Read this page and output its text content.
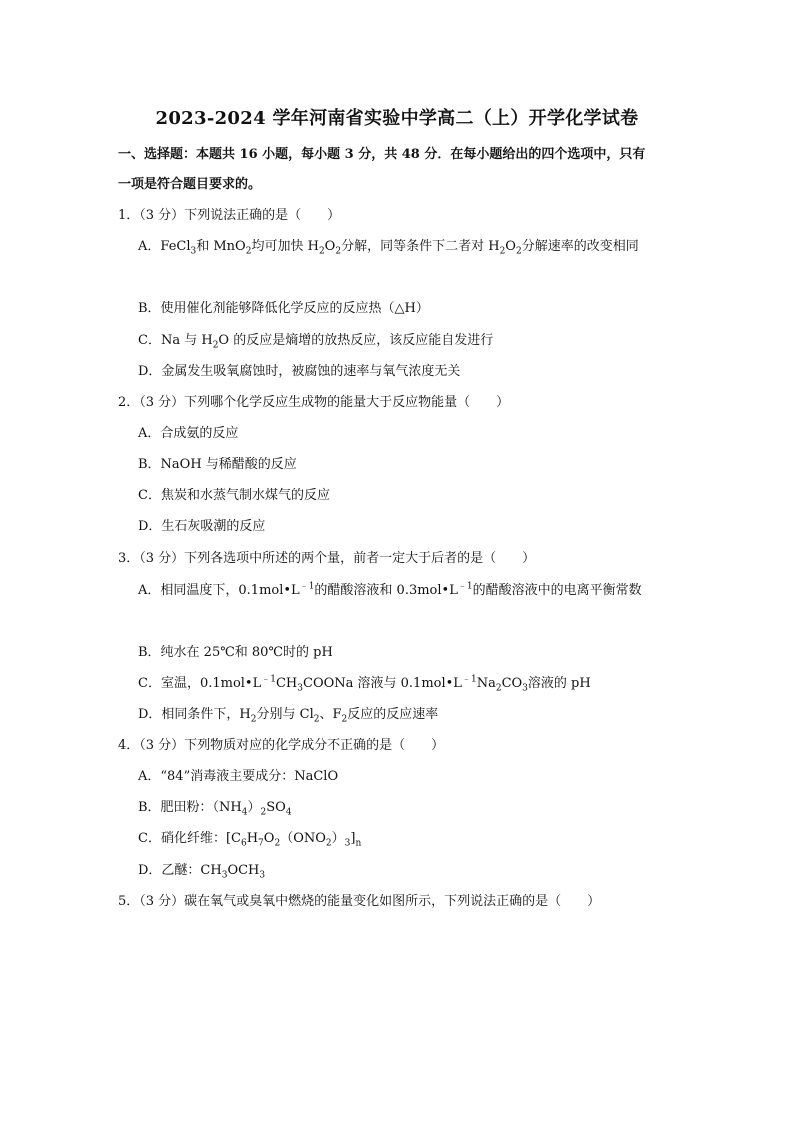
2023-2024 学年河南省实验中学高二（上）开学化学试卷
一、选择题：本题共 16 小题，每小题 3 分，共 48 分．在每小题给出的四个选项中，只有
一项是符合题目要求的。
1．（3 分）下列说法正确的是（　　）
A．FeCl$_3$和 MnO$_2$均可加快 $H_2O_2$分解，同等条件下二者对 $H_2O_2$分解速率的改变相同
B．使用催化剂能够降低化学反应的反应热（△H）
C．Na 与 $H_2O$ 的反应是熵增的放热反应，该反应能自发进行
D．金属发生吸氧腐蚀时，被腐蚀的速率与氧气浓度无关
2．（3 分）下列哪个化学反应生成物的能量大于反应物能量（　　）
A．合成氨的反应
B．NaOH 与稀醋酸的反应
C．焦炭和水蒸气制水煤气的反应
D．生石灰吸潮的反应
3．（3 分）下列各选项中所述的两个量，前者一定大于后者的是（　　）
A．相同温度下，$0.1mol•L^{﹣1}$的醋酸溶液和 $0.3mol•L^{﹣1}$的醋酸溶液中的电离平衡常数
B．纯水在 25℃和 80℃时的 pH
C．室温，$0.1mol•L^{﹣1}CH_3COONa$ 溶液与 $0.1mol•L^{﹣1}Na_2CO_3$溶液的 pH
D．相同条件下，$H_2$分别与 $Cl_2$、$F_2$反应的反应速率
4．（3 分）下列物质对应的化学成分不正确的是（　　）
A．“84”消毒液主要成分：NaClO
B．肥田粉：$(NH_4)_2SO_4$
C．硝化纤维：$[C_6H_7O_2(ONO_2)_3]_n$
D．乙醚：$CH_3OCH_3$
5．（3 分）碳在氧气或臭氧中燃烧的能量变化如图所示，下列说法正确的是（　　）
